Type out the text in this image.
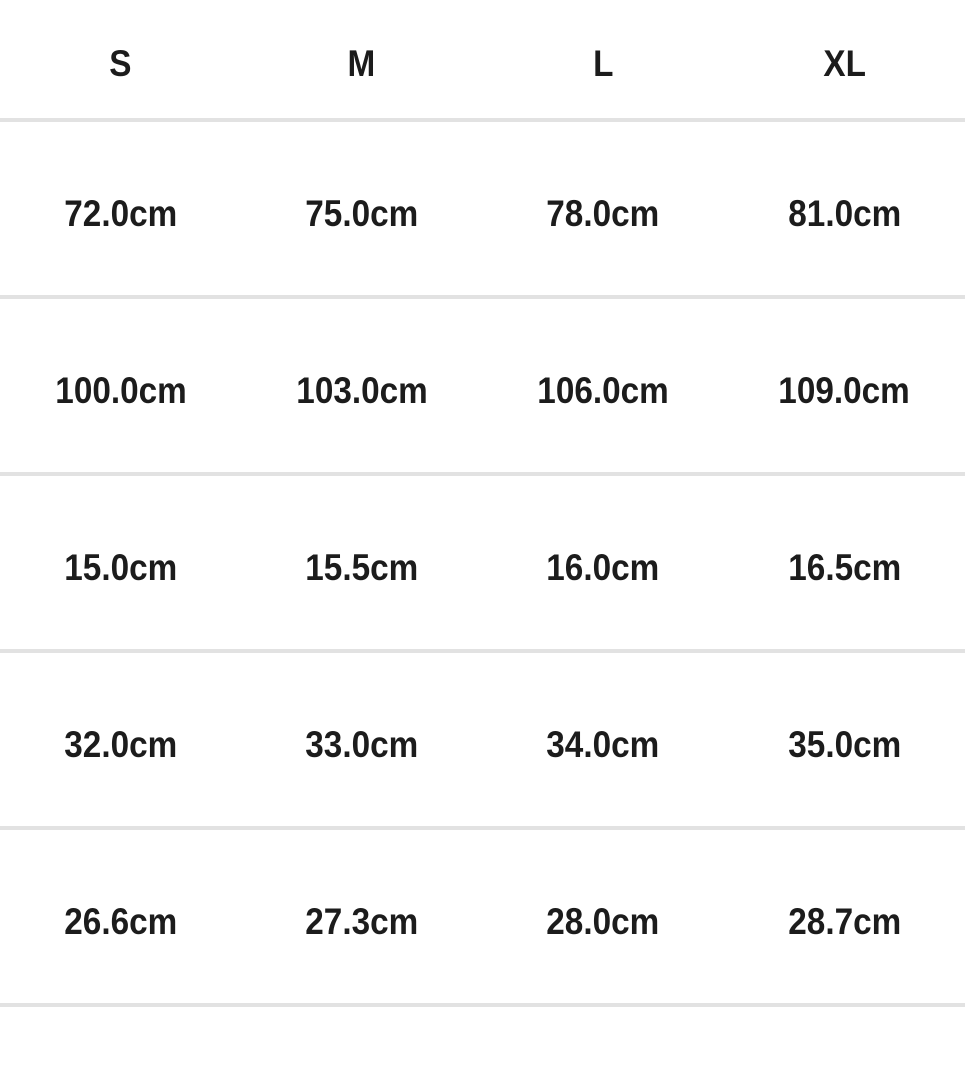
S	M	L	XL
72.0cm	75.0cm	78.0cm	81.0cm
100.0cm	103.0cm	106.0cm	109.0cm
15.0cm	15.5cm	16.0cm	16.5cm
32.0cm	33.0cm	34.0cm	35.0cm
26.6cm	27.3cm	28.0cm	28.7cm
